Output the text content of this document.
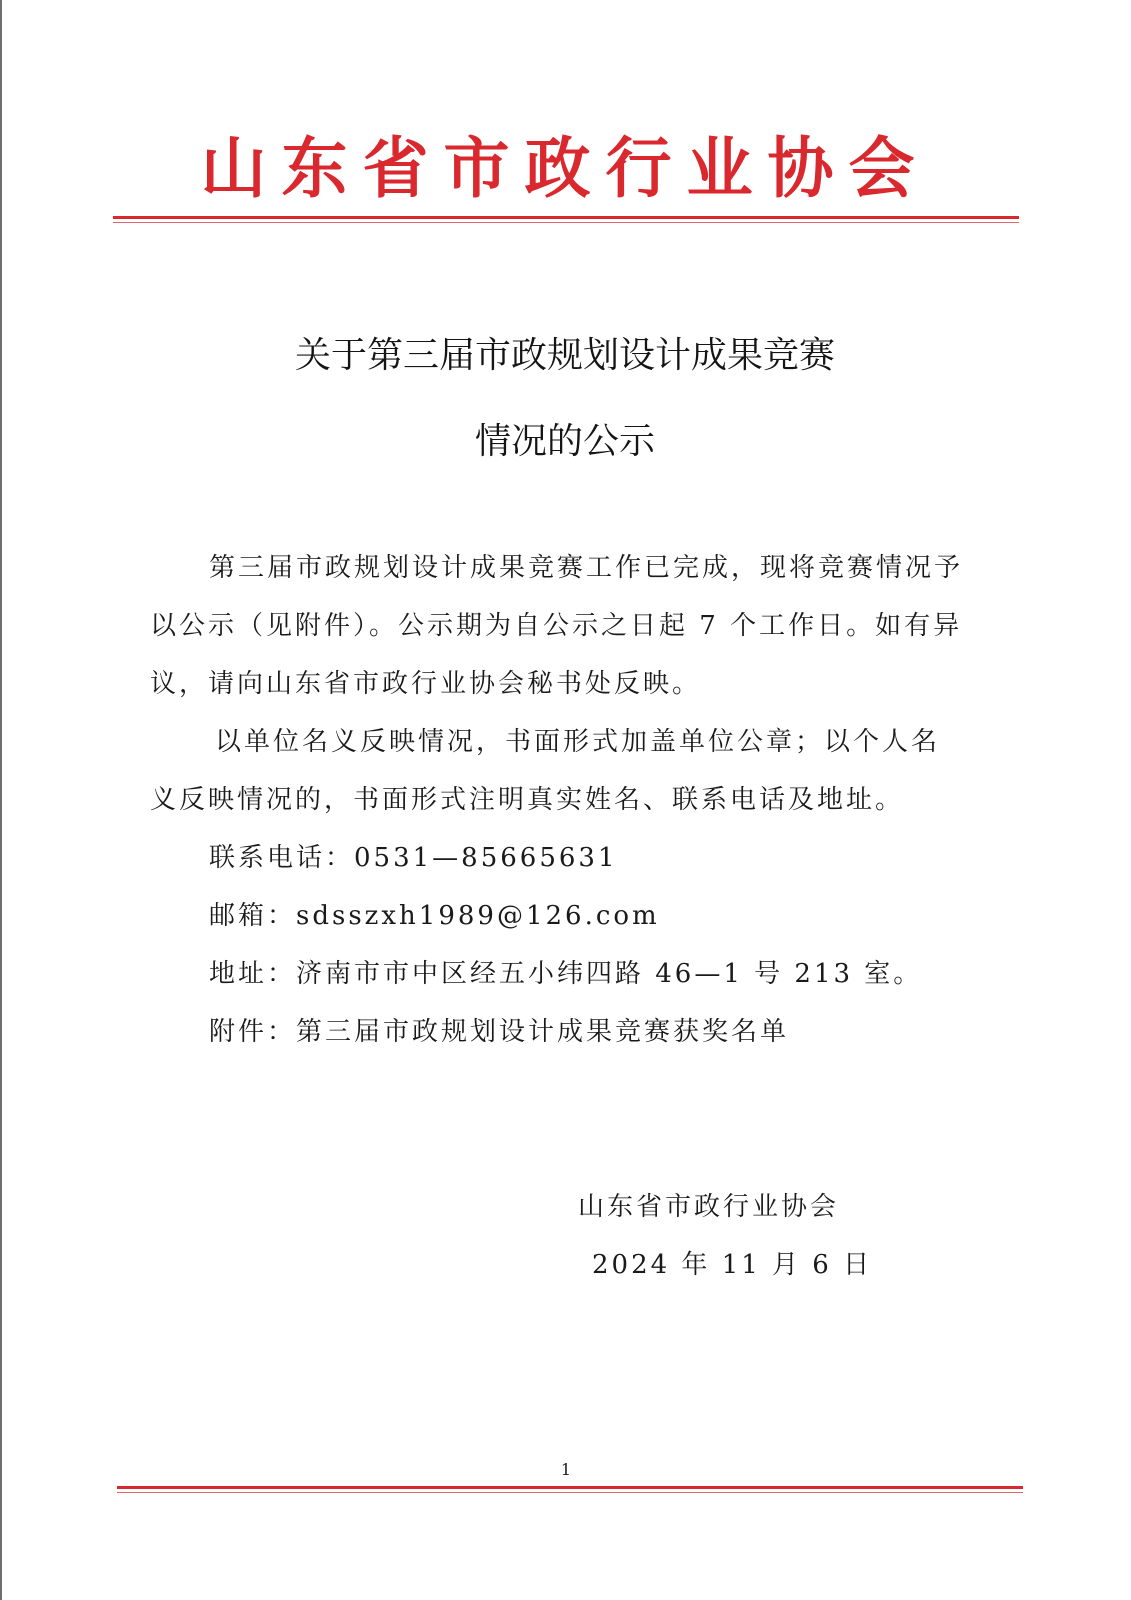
山东省市政行业协会
关于第三届市政规划设计成果竞赛
情况的公示
第三届市政规划设计成果竞赛工作已完成，现将竞赛情况予
以公示（见附件）。公示期为自公示之日起 7 个工作日。如有异
议，请向山东省市政行业协会秘书处反映。
以单位名义反映情况，书面形式加盖单位公章；以个人名
义反映情况的，书面形式注明真实姓名、联系电话及地址。
联系电话：0531—85665631
邮箱：sdsszxh1989@126.com
地址：济南市市中区经五小纬四路 46—1 号 213 室。
附件：第三届市政规划设计成果竞赛获奖名单
山东省市政行业协会
2024 年 11 月 6 日
1
